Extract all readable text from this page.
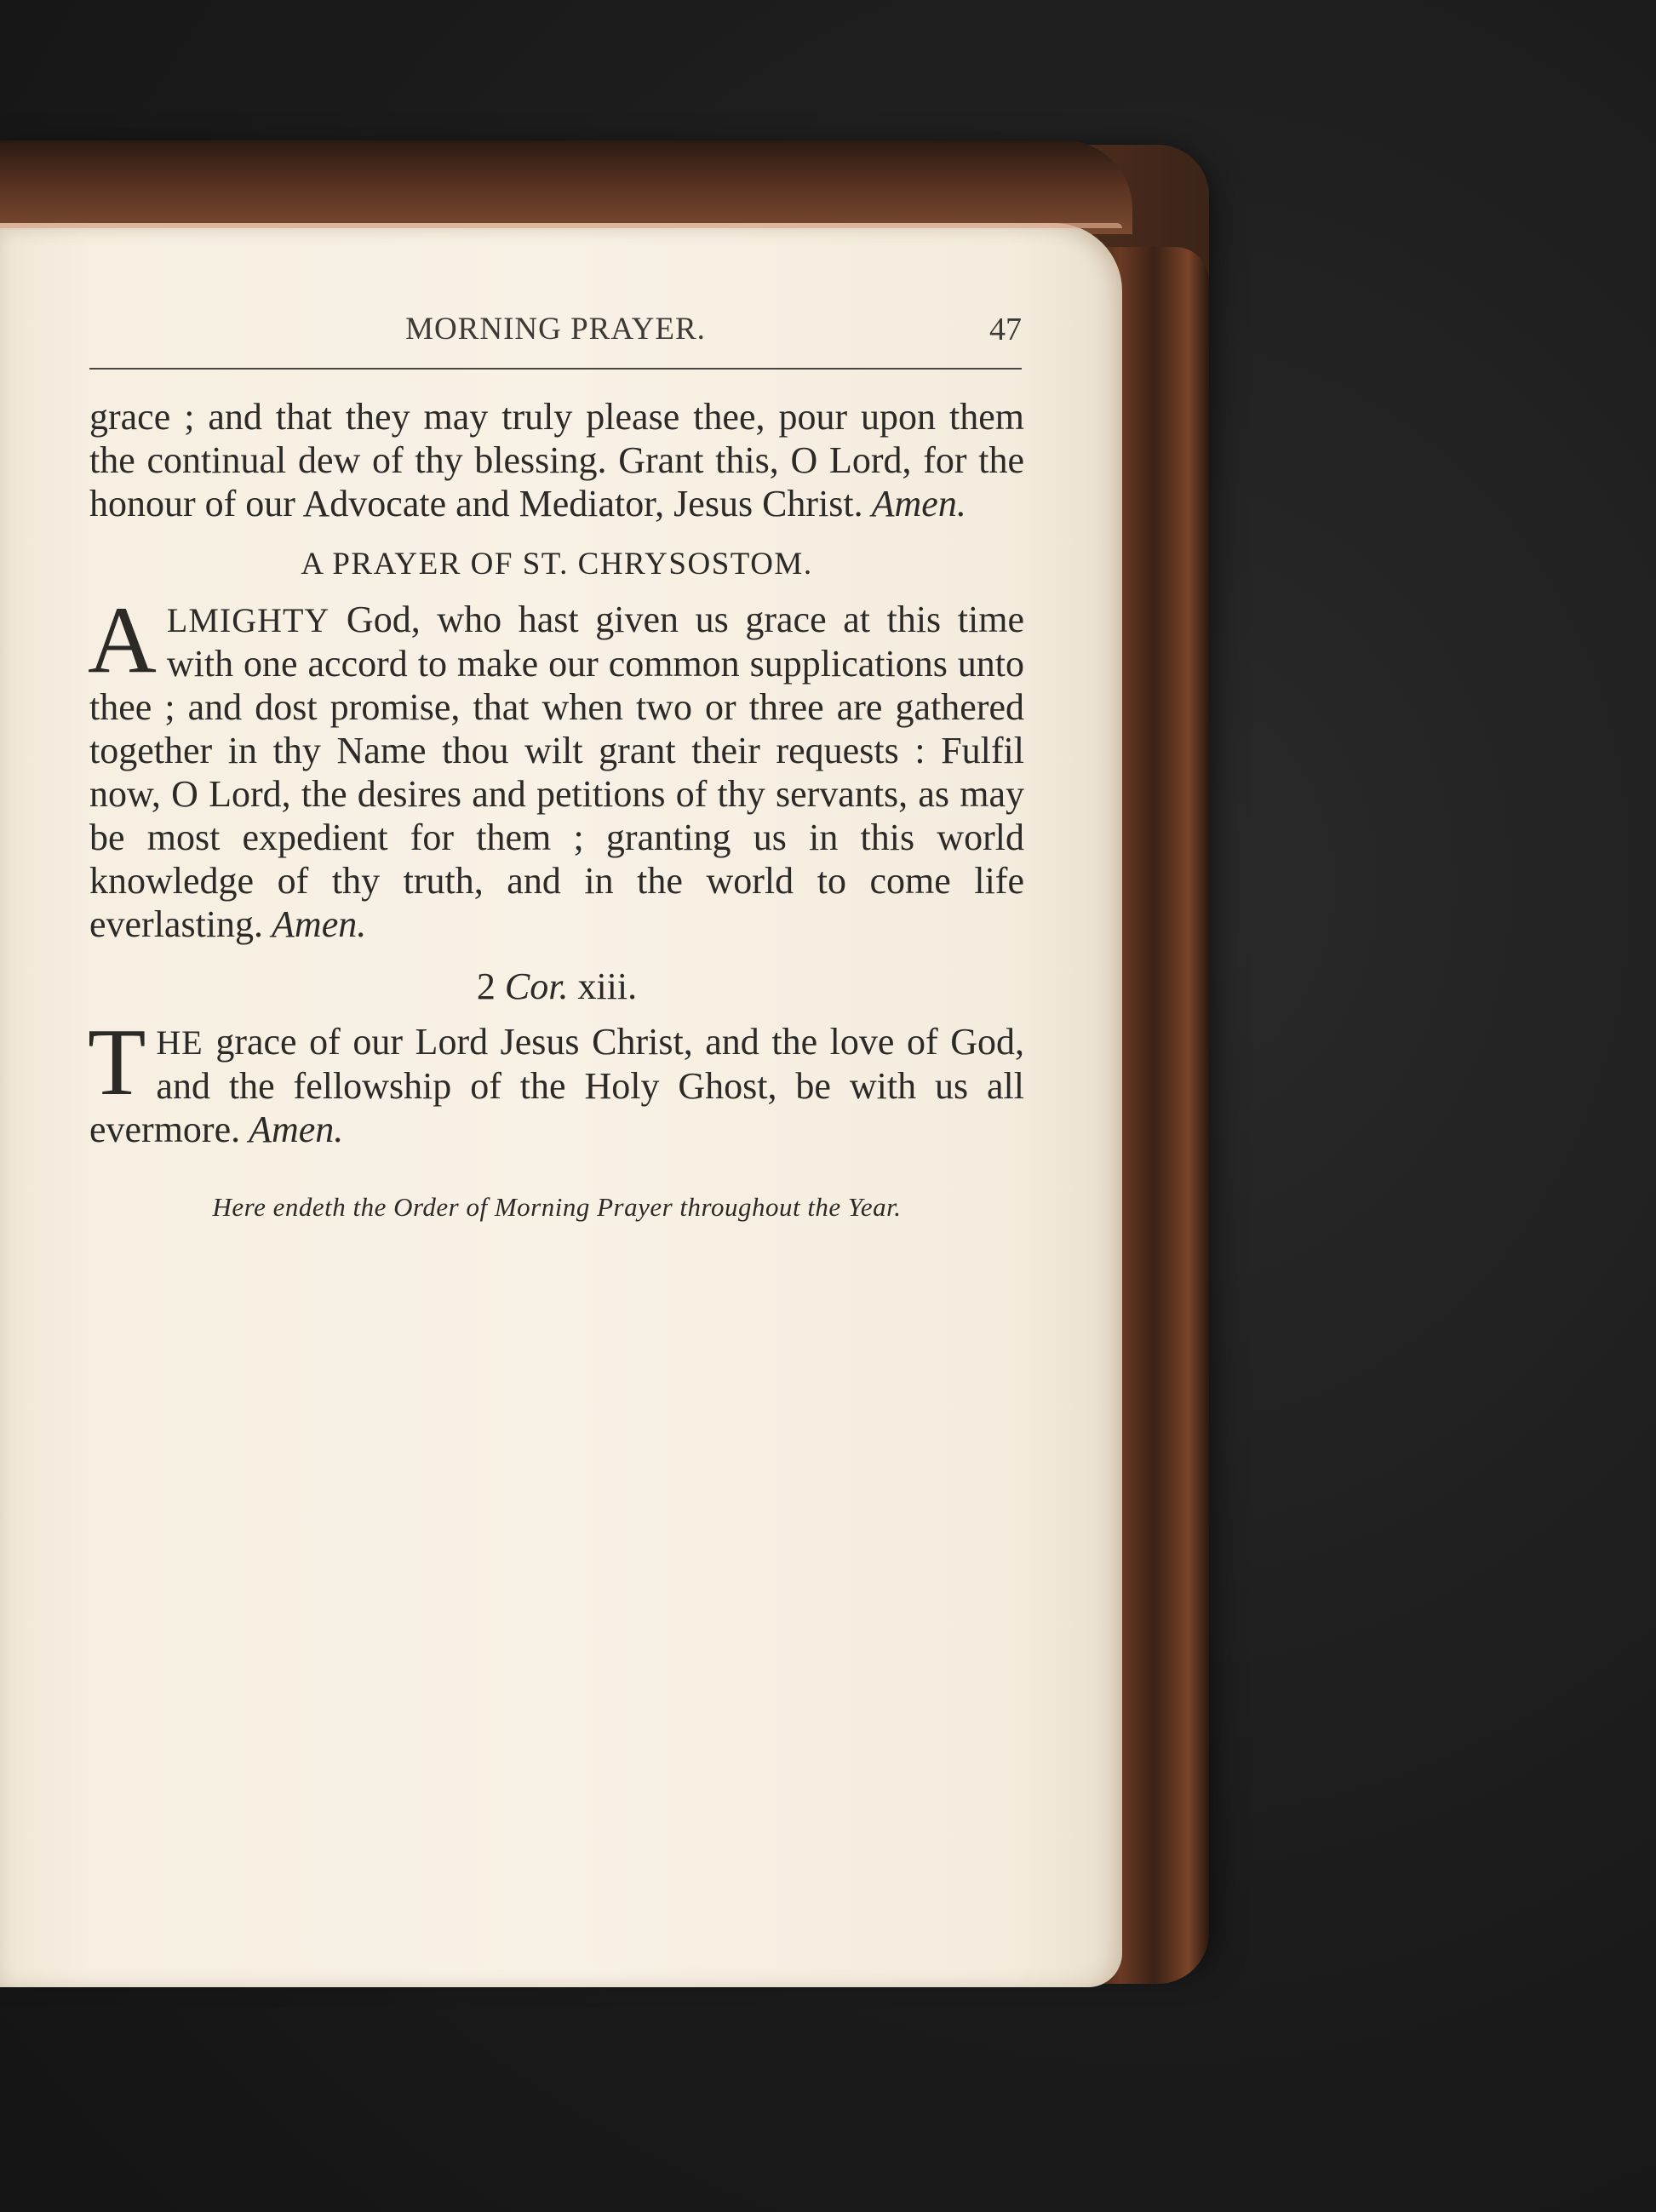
MORNING PRAYER.	47

grace ; and that they may truly please thee, pour upon them the continual dew of thy blessing. Grant this, O Lord, for the honour of our Advocate and Mediator, Jesus Christ. Amen.

A PRAYER OF ST. CHRYSOSTOM.

ALMIGHTY God, who hast given us grace at this time with one accord to make our common supplications unto thee ; and dost promise, that when two or three are gathered together in thy Name thou wilt grant their requests : Fulfil now, O Lord, the desires and petitions of thy servants, as may be most expedient for them ; granting us in this world knowledge of thy truth, and in the world to come life everlasting. Amen.

2 Cor. xiii.

THE grace of our Lord Jesus Christ, and the love of God, and the fellowship of the Holy Ghost, be with us all evermore. Amen.

Here endeth the Order of Morning Prayer throughout the Year.
